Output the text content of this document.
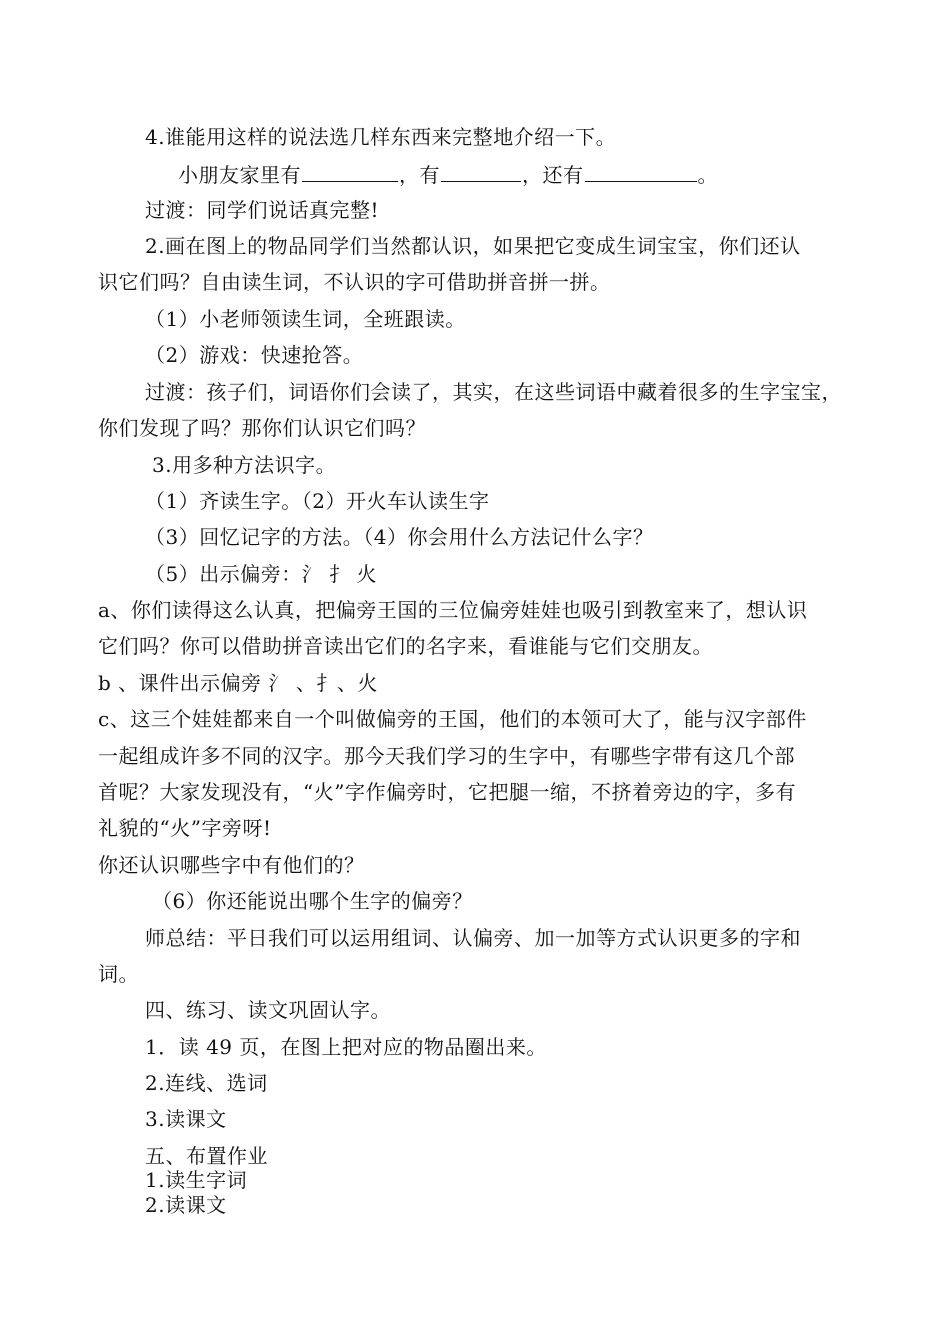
4.谁能用这样的说法选几样东西来完整地介绍一下。
小朋友家里有	，有	，还有	。
过渡：同学们说话真完整!
2.画在图上的物品同学们当然都认识，如果把它变成生词宝宝，你们还认
识它们吗？自由读生词，不认识的字可借助拼音拼一拼。
（1）小老师领读生词，全班跟读。
（2）游戏：快速抢答。
过渡：孩子们，词语你们会读了，其实，在这些词语中藏着很多的生字宝宝，
你们发现了吗？那你们认识它们吗？
3.用多种方法识字。
（1）齐读生字。（2）开火车认读生字
（3）回忆记字的方法。（4）你会用什么方法记什么字？
（5）出示偏旁：氵 扌 火
a、你们读得这么认真，把偏旁王国的三位偏旁娃娃也吸引到教室来了，想认识
它们吗？你可以借助拼音读出它们的名字来，看谁能与它们交朋友。
b 、课件出示偏旁 氵 、扌、火
c、这三个娃娃都来自一个叫做偏旁的王国，他们的本领可大了，能与汉字部件
一起组成许多不同的汉字。那今天我们学习的生字中，有哪些字带有这几个部
首呢？大家发现没有，“火”字作偏旁时，它把腿一缩，不挤着旁边的字，多有
礼貌的“火”字旁呀!
你还认识哪些字中有他们的？
（6）你还能说出哪个生字的偏旁？
师总结：平日我们可以运用组词、认偏旁、加一加等方式认识更多的字和
词。
四、练习、读文巩固认字。
1．读 49 页，在图上把对应的物品圈出来。
2.连线、选词
3.读课文
五、布置作业
1.读生字词
2.读课文
